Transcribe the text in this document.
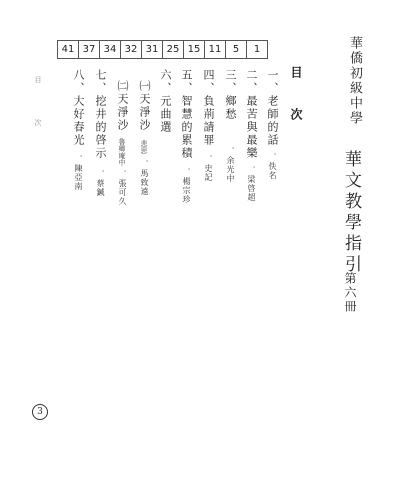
目 次
3
41	37	34	32	31	25	15	11	5	1
目 次	華僑初級中學
華文教學指引
第六冊
一、老師的話．佚名
二、最苦與最樂．梁啓超
三、鄉愁．余光中
四、負荊請罪．史記
五、智慧的累積．楊宗珍
六、元曲選
㈠天淨沙悲思．馬致遠
㈡天淨沙魯卿庵中．張可久
七、挖井的啓示．蔡鍼
八、大好春光．陳亞南
